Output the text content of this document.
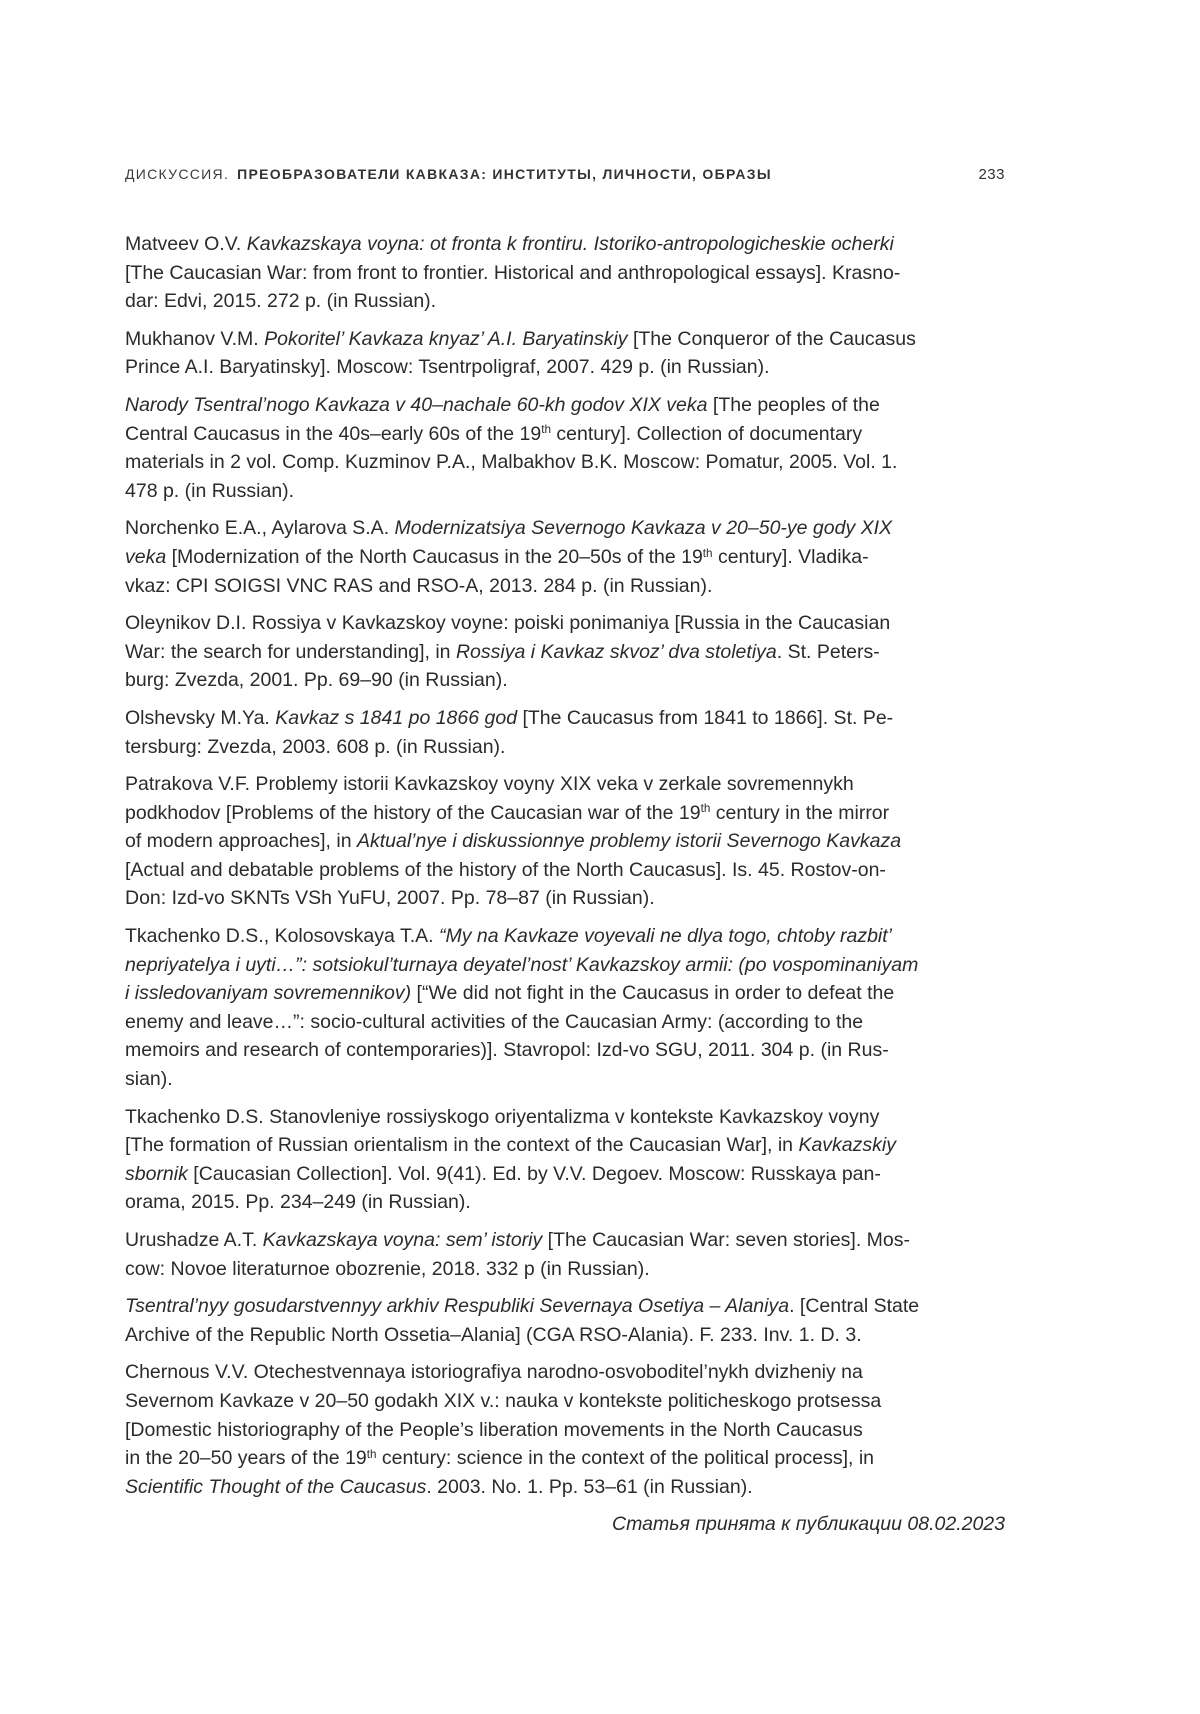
ДИСКУССИЯ. ПРЕОБРАЗОВАТЕЛИ КАВКАЗА: ИНСТИТУТЫ, ЛИЧНОСТИ, ОБРАЗЫ	233

Matveev O.V. Kavkazskaya voyna: ot fronta k frontiru. Istoriko-antropologicheskie ocherki
[The Caucasian War: from front to frontier. Historical and anthropological essays]. Krasno-
dar: Edvi, 2015. 272 p. (in Russian).

Mukhanov V.M. Pokoritel’ Kavkaza knyaz’ A.I. Baryatinskiy [The Conqueror of the Caucasus
Prince A.I. Baryatinsky]. Moscow: Tsentrpoligraf, 2007. 429 p. (in Russian).

Narody Tsentral’nogo Kavkaza v 40–nachale 60-kh godov XIX veka [The peoples of the
Central Caucasus in the 40s–early 60s of the 19th century]. Collection of documentary
materials in 2 vol. Comp. Kuzminov P.A., Malbakhov B.K. Moscow: Pomatur, 2005. Vol. 1.
478 p. (in Russian).

Norchenko E.A., Aylarova S.A. Modernizatsiya Severnogo Kavkaza v 20–50-ye gody XIX
veka [Modernization of the North Caucasus in the 20–50s of the 19th century]. Vladika-
vkaz: CPI SOIGSI VNC RAS and RSO-A, 2013. 284 p. (in Russian).

Oleynikov D.I. Rossiya v Kavkazskoy voyne: poiski ponimaniya [Russia in the Caucasian
War: the search for understanding], in Rossiya i Kavkaz skvoz’ dva stoletiya. St. Peters-
burg: Zvezda, 2001. Pp. 69–90 (in Russian).

Olshevsky M.Ya. Kavkaz s 1841 po 1866 god [The Caucasus from 1841 to 1866]. St. Pe-
tersburg: Zvezda, 2003. 608 p. (in Russian).

Patrakova V.F. Problemy istorii Kavkazskoy voyny XIX veka v zerkale sovremennykh
podkhodov [Problems of the history of the Caucasian war of the 19th century in the mirror
of modern approaches], in Aktual’nye i diskussionnye problemy istorii Severnogo Kavkaza
[Actual and debatable problems of the history of the North Caucasus]. Is. 45. Rostov-on-
Don: Izd-vo SKNTs VSh YuFU, 2007. Pp. 78–87 (in Russian).

Tkachenko D.S., Kolosovskaya T.A. “My na Kavkaze voyevali ne dlya togo, chtoby razbit’
nepriyatelya i uyti…”: sotsiokul’turnaya deyatel’nost’ Kavkazskoy armii: (po vospominaniyam
i issledovaniyam sovremennikov) [“We did not fight in the Caucasus in order to defeat the
enemy and leave…”: socio-cultural activities of the Caucasian Army: (according to the
memoirs and research of contemporaries)]. Stavropol: Izd-vo SGU, 2011. 304 p. (in Rus-
sian).

Tkachenko D.S. Stanovleniye rossiyskogo oriyentalizma v kontekste Kavkazskoy voyny
[The formation of Russian orientalism in the context of the Caucasian War], in Kavkazskiy
sbornik [Caucasian Collection]. Vol. 9(41). Ed. by V.V. Degoev. Moscow: Russkaya pan-
orama, 2015. Pp. 234–249 (in Russian).

Urushadze A.T. Kavkazskaya voyna: sem’ istoriy [The Caucasian War: seven stories]. Mos-
cow: Novoe literaturnoe obozrenie, 2018. 332 p (in Russian).

Tsentral’nyy gosudarstvennyy arkhiv Respubliki Severnaya Osetiya – Alaniya. [Central State
Archive of the Republic North Ossetia–Alania] (CGA RSO-Alania). F. 233. Inv. 1. D. 3.

Chernous V.V. Otechestvennaya istoriografiya narodno-osvoboditel’nykh dvizheniy na
Severnom Kavkaze v 20–50 godakh XIX v.: nauka v kontekste politicheskogo protsessa
[Domestic historiography of the People’s liberation movements in the North Caucasus
in the 20–50 years of the 19th century: science in the context of the political process], in
Scientific Thought of the Caucasus. 2003. No. 1. Pp. 53–61 (in Russian).

Статья принята к публикации 08.02.2023
